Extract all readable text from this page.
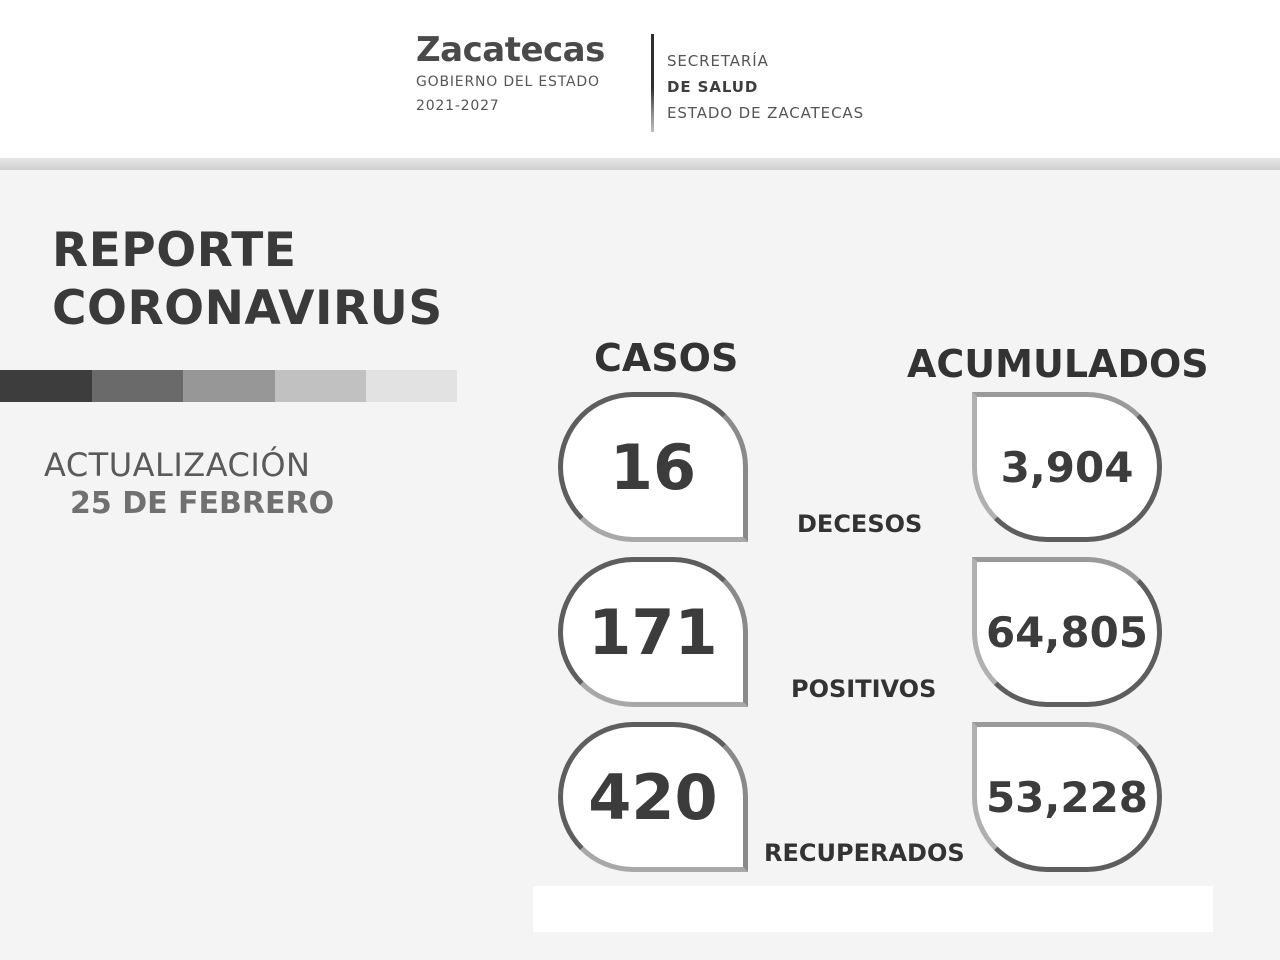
Zacatecas
GOBIERNO DEL ESTADO
2021-2027
SECRETARÍA
DE SALUD
ESTADO DE ZACATECAS
REPORTE
CORONAVIRUS
ACTUALIZACIÓN
25 DE FEBRERO
CASOS	ACUMULADOS
16
171
420
DECESOS
POSITIVOS
RECUPERADOS
3,904
64,805
53,228
